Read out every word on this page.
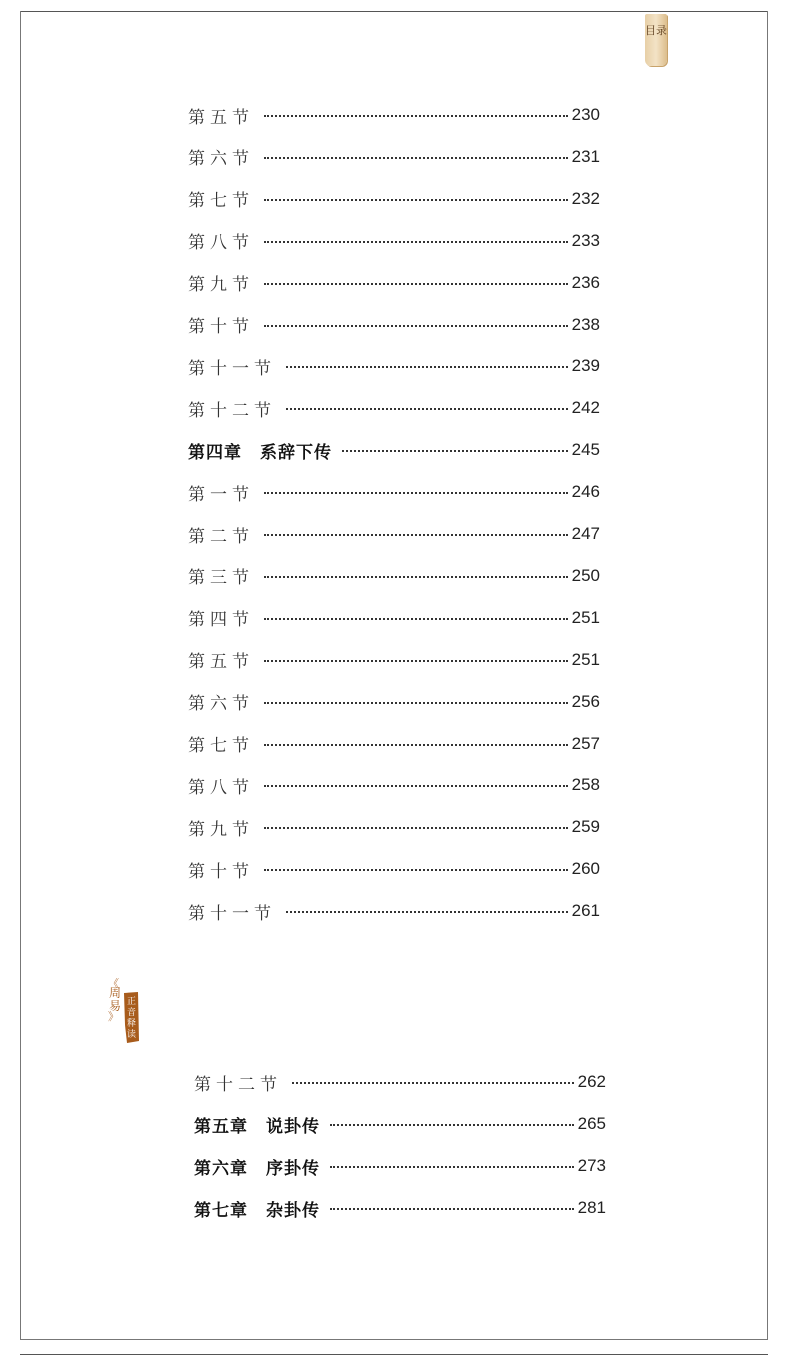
目录
第五节	230
第六节	231
第七节	232
第八节	233
第九节	236
第十节	238
第十一节	239
第十二节	242
第四章　系辞下传	245
第一节	246
第二节	247
第三节	250
第四节	251
第五节	251
第六节	256
第七节	257
第八节	258
第九节	259
第十节	260
第十一节	261
《
周
易
》
正
音
释
读
第十二节	262
第五章　说卦传	265
第六章　序卦传	273
第七章　杂卦传	281
